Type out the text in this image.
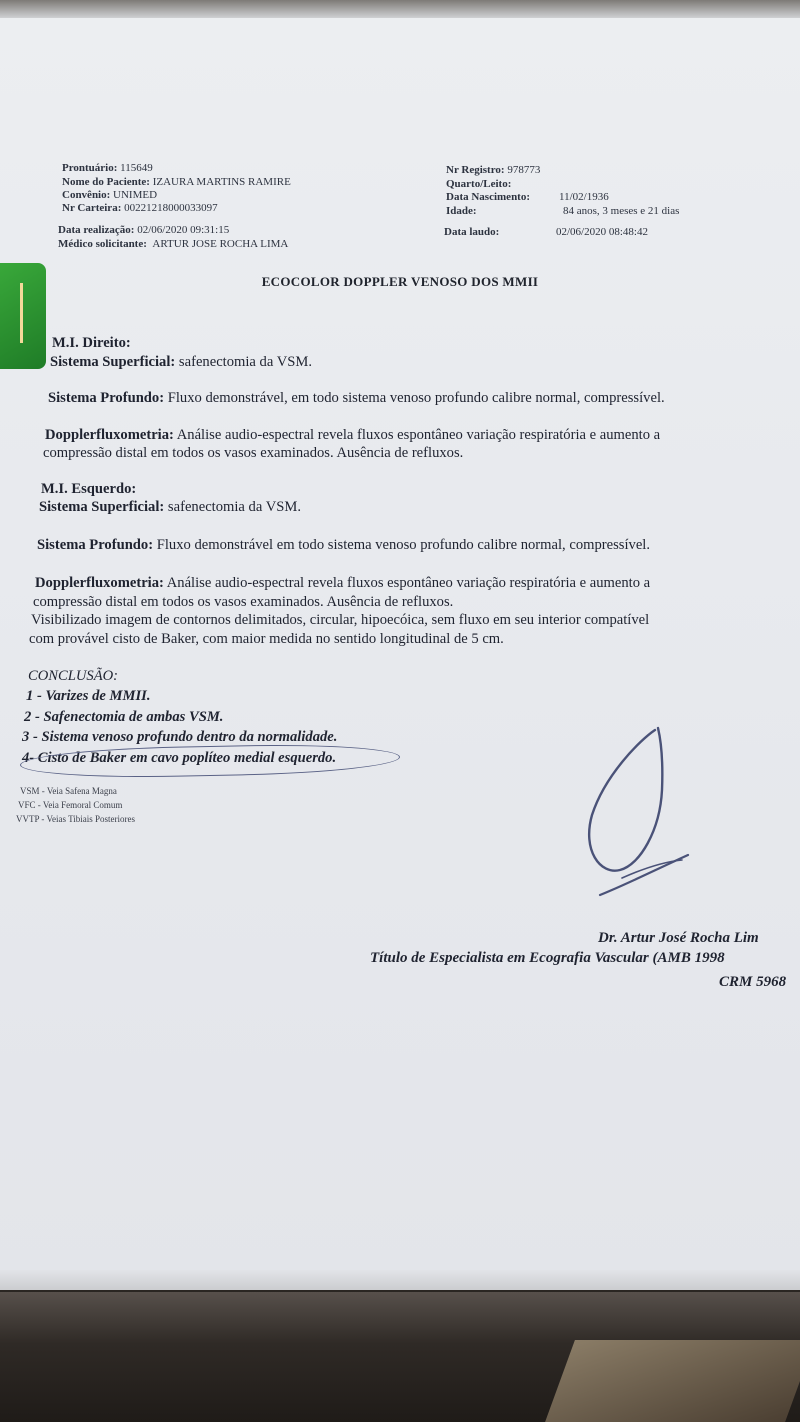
Prontuário: 115649
Nome do Paciente: IZAURA MARTINS RAMIRE
Convênio: UNIMED
Nr Carteira: 00221218000033097
Data realização: 02/06/2020 09:31:15
Médico solicitante: ARTUR JOSE ROCHA LIMA
Nr Registro: 978773
Quarto/Leito:
Data Nascimento:	11/02/1936
Idade:	84 anos, 3 meses e 21 dias
Data laudo:	02/06/2020 08:48:42
ECOCOLOR DOPPLER VENOSO DOS MMII
M.I. Direito:
Sistema Superficial: safenectomia da VSM.
Sistema Profundo: Fluxo demonstrável, em todo sistema venoso profundo calibre normal, compressível.
Dopplerfluxometria: Análise audio-espectral revela fluxos espontâneo variação respiratória e aumento a
compressão distal em todos os vasos examinados. Ausência de refluxos.
M.I. Esquerdo:
Sistema Superficial: safenectomia da VSM.
Sistema Profundo: Fluxo demonstrável em todo sistema venoso profundo calibre normal, compressível.
Dopplerfluxometria: Análise audio-espectral revela fluxos espontâneo variação respiratória e aumento a
compressão distal em todos os vasos examinados. Ausência de refluxos.
Visibilizado imagem de contornos delimitados, circular, hipoecóica, sem fluxo em seu interior compatível
com provável cisto de Baker, com maior medida no sentido longitudinal de 5 cm.
CONCLUSÃO:
1 - Varizes de MMII.
2 - Safenectomia de ambas VSM.
3 - Sistema venoso profundo dentro da normalidade.
4- Cisto de Baker em cavo poplíteo medial esquerdo.
VSM - Veia Safena Magna
VFC - Veia Femoral Comum
VVTP - Veias Tibiais Posteriores
Dr. Artur José Rocha Lim
Título de Especialista em Ecografia Vascular (AMB 1998
CRM 5968
